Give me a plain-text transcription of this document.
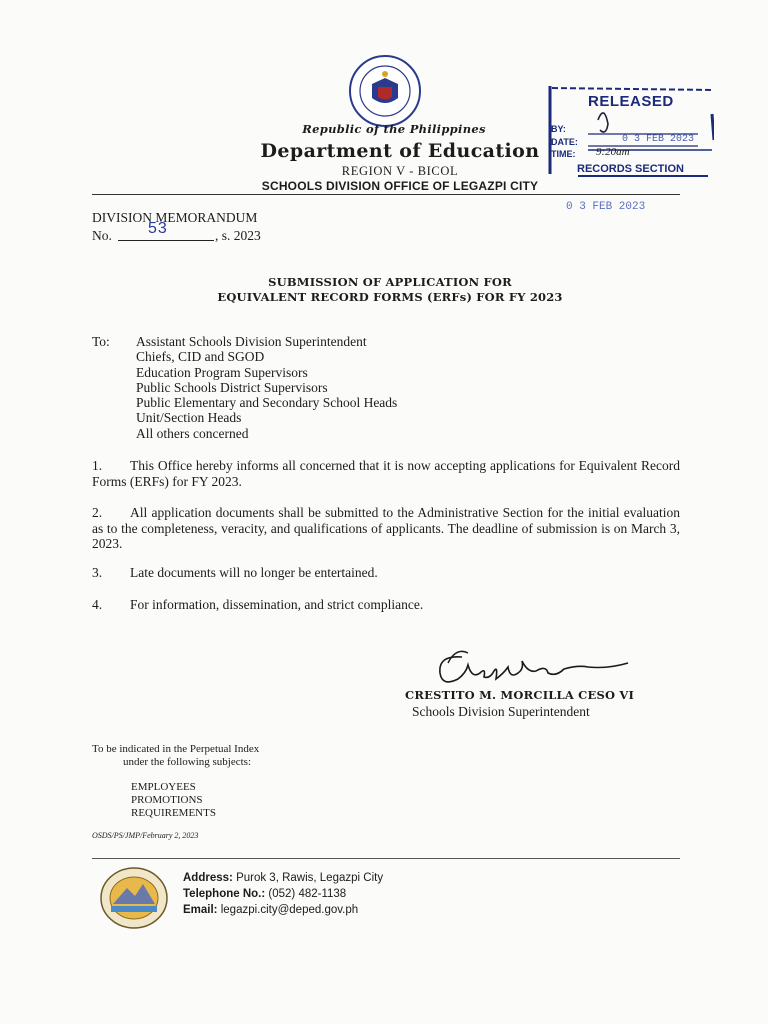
Republic of the Philippines
Department of Education
REGION V - BICOL
SCHOOLS DIVISION OFFICE OF LEGAZPI CITY
RELEASED
BY:
DATE:
TIME:
0 3 FEB 2023
9:20am
RECORDS SECTION
0 3 FEB 2023
DIVISION MEMORANDUM
No. 53	, s. 2023
SUBMISSION OF APPLICATION FOR
EQUIVALENT RECORD FORMS (ERFs) FOR FY 2023
To: Assistant Schools Division Superintendent
Chiefs, CID and SGOD
Education Program Supervisors
Public Schools District Supervisors
Public Elementary and Secondary School Heads
Unit/Section Heads
All others concerned
1. This Office hereby informs all concerned that it is now accepting applications for Equivalent Record Forms (ERFs) for FY 2023.
2. All application documents shall be submitted to the Administrative Section for the initial evaluation as to the completeness, veracity, and qualifications of applicants. The deadline of submission is on March 3, 2023.
3. Late documents will no longer be entertained.
4. For information, dissemination, and strict compliance.
CRESTITO M. MORCILLA CESO VI
Schools Division Superintendent
To be indicated in the Perpetual Index
under the following subjects:
EMPLOYEES
PROMOTIONS
REQUIREMENTS
OSDS/PS/JMP/February 2, 2023
Address: Purok 3, Rawis, Legazpi City
Telephone No.: (052) 482-1138
Email: legazpi.city@deped.gov.ph
